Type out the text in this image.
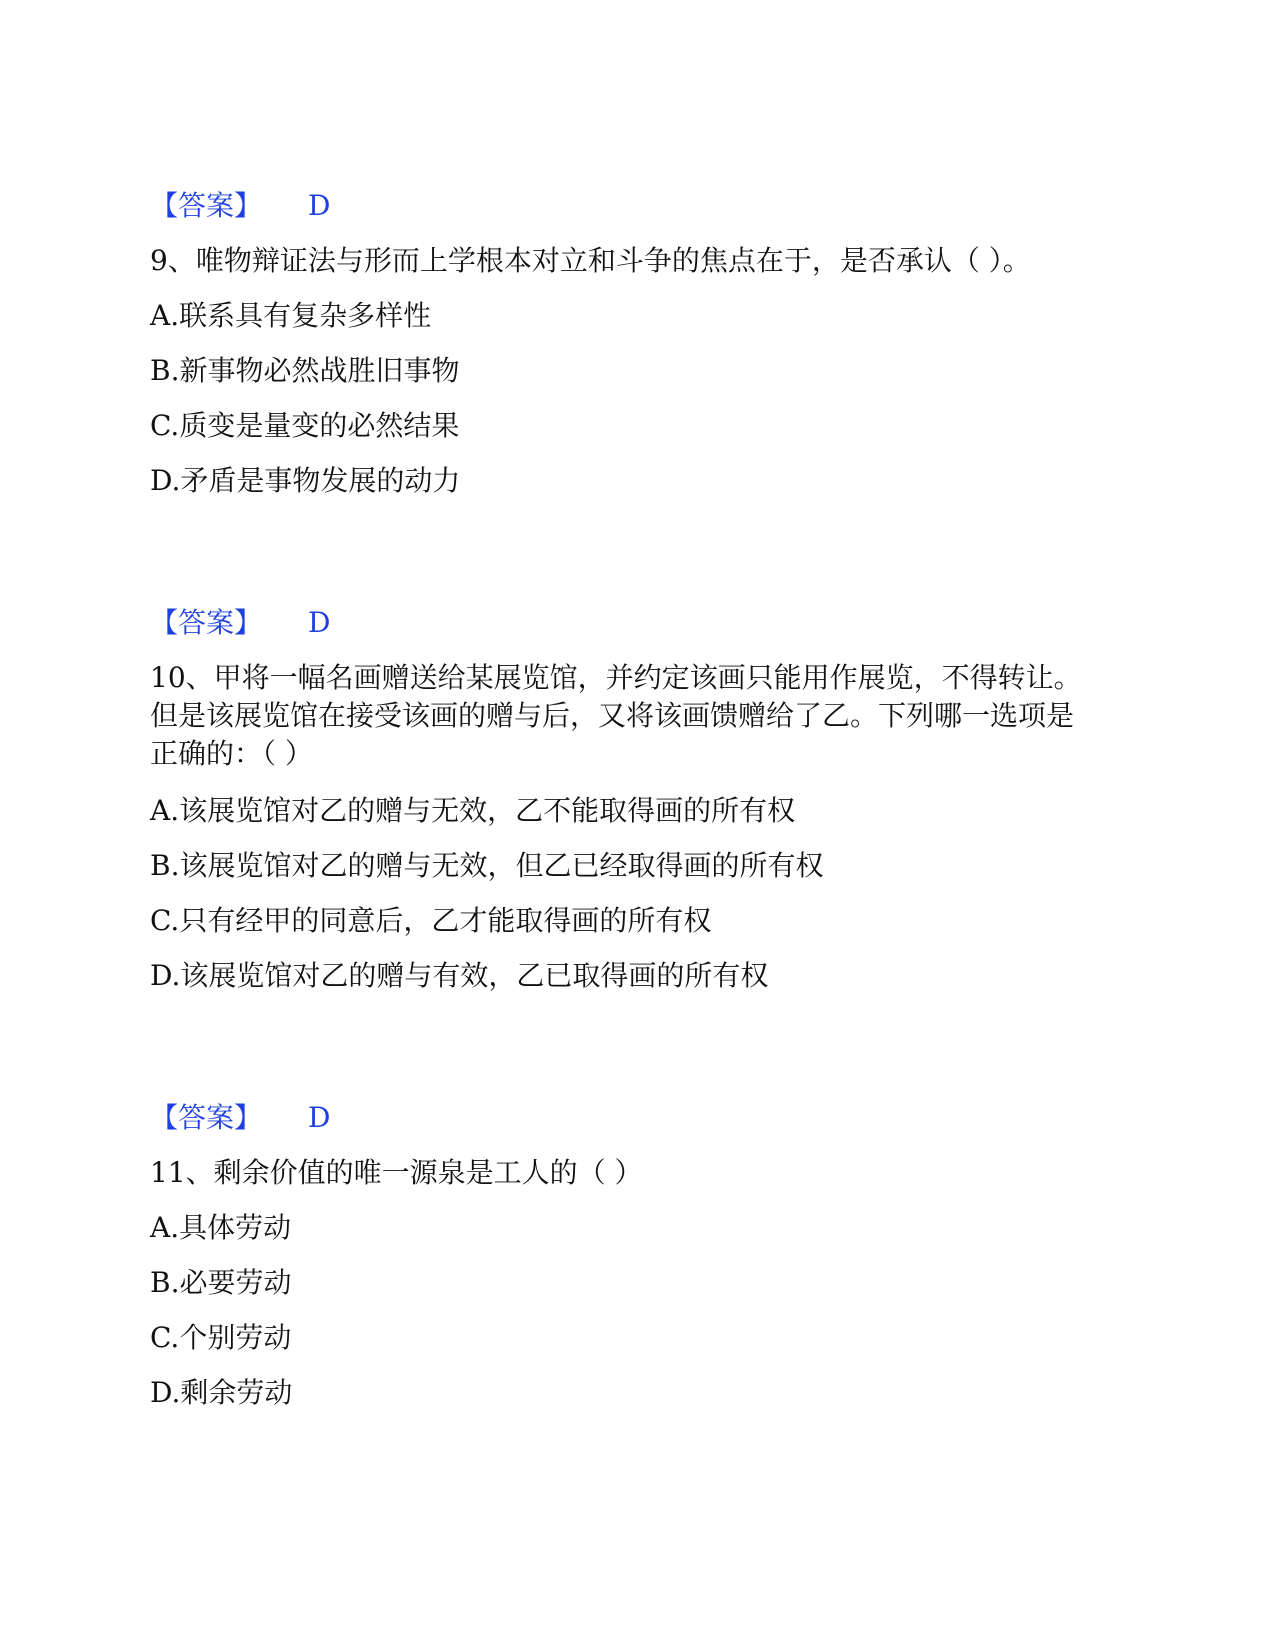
【答案】 D
9、唯物辩证法与形而上学根本对立和斗争的焦点在于，是否承认（ ）。
A.联系具有复杂多样性
B.新事物必然战胜旧事物
C.质变是量变的必然结果
D.矛盾是事物发展的动力
【答案】 D
10、甲将一幅名画赠送给某展览馆，并约定该画只能用作展览，不得转让。
但是该展览馆在接受该画的赠与后，又将该画馈赠给了乙。下列哪一选项是
正确的：（ ）
A.该展览馆对乙的赠与无效，乙不能取得画的所有权
B.该展览馆对乙的赠与无效，但乙已经取得画的所有权
C.只有经甲的同意后，乙才能取得画的所有权
D.该展览馆对乙的赠与有效，乙已取得画的所有权
【答案】 D
11、剩余价值的唯一源泉是工人的（ ）
A.具体劳动
B.必要劳动
C.个别劳动
D.剩余劳动
